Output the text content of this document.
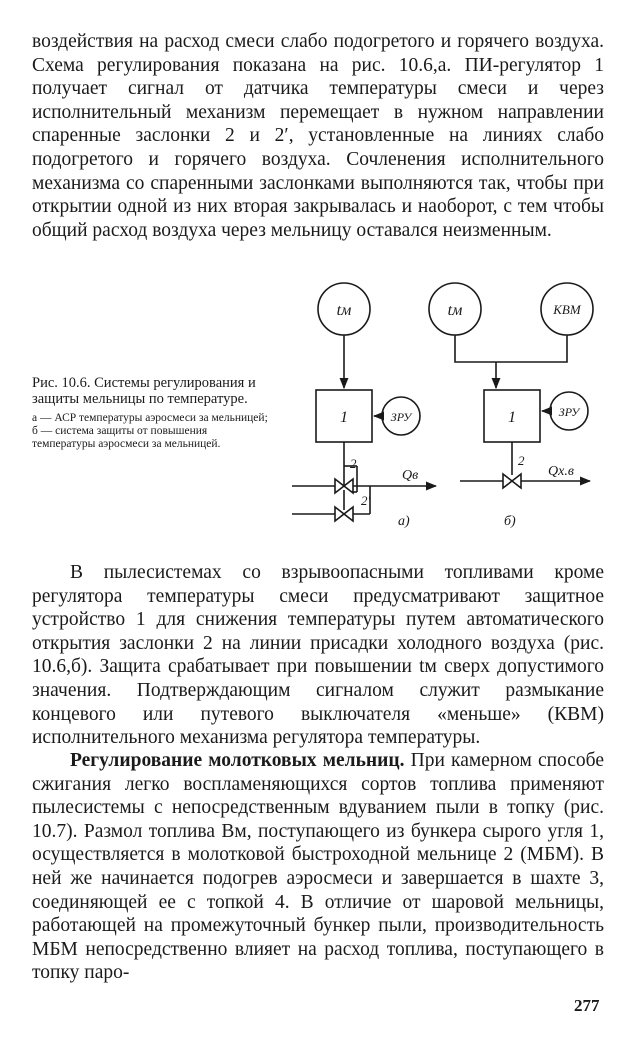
воздействия на расход смеси слабо подогретого и горячего воздуха. Схема регулирования показана на рис. 10.6,а. ПИ-регулятор 1 получает сигнал от датчика температуры смеси и через исполнительный механизм перемещает в нужном направлении спаренные заслонки 2 и 2′, установленные на линиях слабо подогретого и горячего воздуха. Сочленения исполнительного механизма со спаренными заслонками выполняются так, чтобы при открытии одной из них вторая закрывалась и наоборот, с тем чтобы общий расход воздуха через мельницу оставался неизменным.

tм
1	ЗРУ
2
2′
Qв
а)
tм	КВМ
1	ЗРУ
2
Qх.в
б)

Рис. 10.6. Системы регулирования и защиты мельницы по температуре.

а — АСР температуры аэросмеси за мельницей; б — система защиты от повышения температуры аэросмеси за мельницей.

В пылесистемах со взрывоопасными топливами кроме регулятора температуры смеси предусматривают защитное устройство 1 для снижения температуры путем автоматического открытия заслонки 2 на линии присадки холодного воздуха (рис. 10.6,б). Защита срабатывает при повышении tм сверх допустимого значения. Подтверждающим сигналом служит размыкание концевого или путевого выключателя «меньше» (КВМ) исполнительного механизма регулятора температуры.

Регулирование молотковых мельниц. При камерном способе сжигания легко воспламеняющихся сортов топлива применяют пылесистемы с непосредственным вдуванием пыли в топку (рис. 10.7). Размол топлива Bм, поступающего из бункера сырого угля 1, осуществляется в молотковой быстроходной мельнице 2 (МБМ). В ней же начинается подогрев аэросмеси и завершается в шахте 3, соединяющей ее с топкой 4. В отличие от шаровой мельницы, работающей на промежуточный бункер пыли, производительность МБМ непосредственно влияет на расход топлива, поступающего в топку паро-

277
